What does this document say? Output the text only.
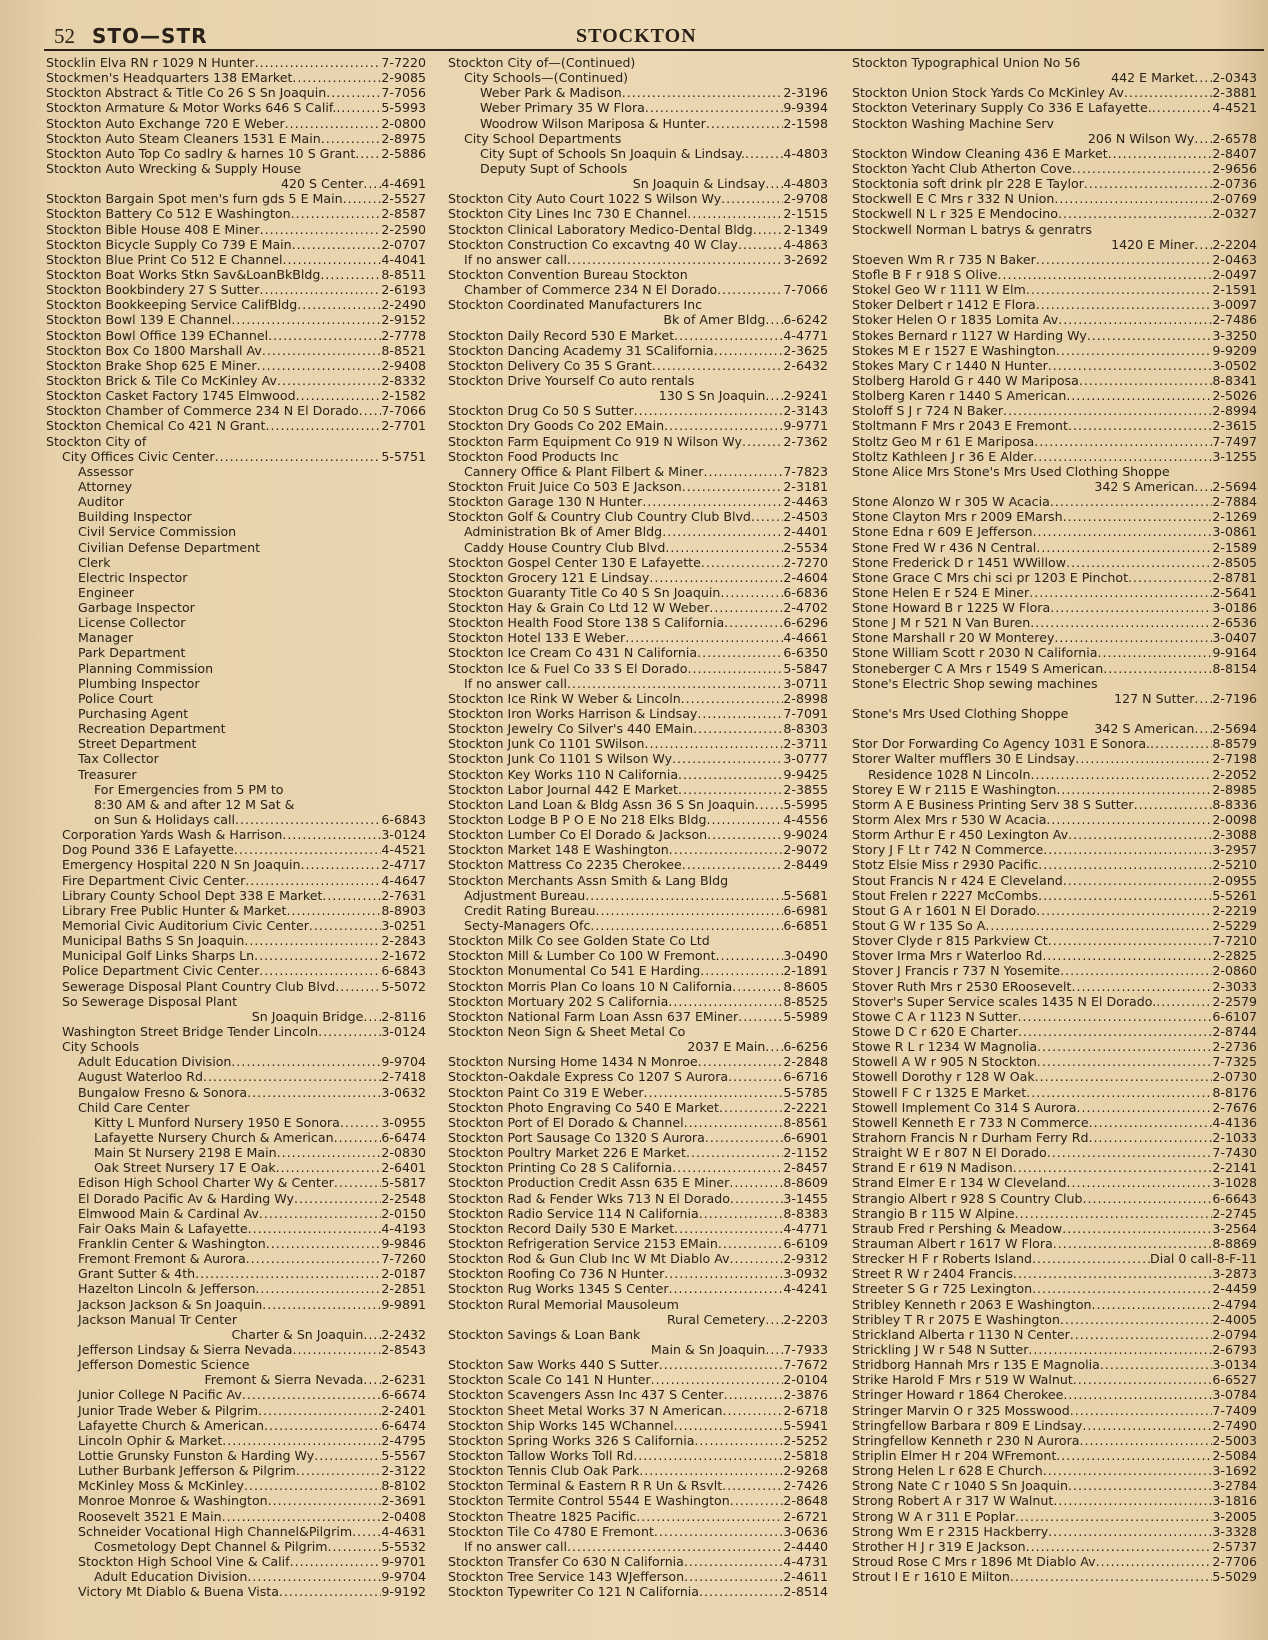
52 STO—STR	STOCKTON
Stocklin Elva RN r 1029 N Hunter . . .	7-7220
Stockmen's Headquarters 138 EMarket . . .	2-9085
Stockton Abstract & Title Co 26 S Sn Joaquin . . .	7-7056
Stockton Armature & Motor Works 646 S Calif. . . .	5-5993
Stockton Auto Exchange 720 E Weber . . .	2-0800
Stockton Auto Steam Cleaners 1531 E Main . . .	2-8975
Stockton Auto Top Co sadlry & harnes 10 S Grant . . . 2-5886
Stockton Auto Wrecking & Supply House
420 S Center . . . 4-4691
Stockton Bargain Spot men's furn gds 5 E Main . . .	2-5527
Stockton Battery Co 512 E Washington . . .	2-8587
Stockton Bible House 408 E Miner . . .	2-2590
Stockton Bicycle Supply Co 739 E Main . . .	2-0707
Stockton Blue Print Co 512 E Channel . . .	4-4041
Stockton Boat Works Stkn Sav&LoanBkBldg . . .	8-8511
Stockton Bookbindery 27 S Sutter . . .	2-6193
Stockton Bookkeeping Service CalifBldg . . .	2-2490
Stockton Bowl 139 E Channel . . .	2-9152
Stockton Bowl Office 139 EChannel . . .	2-7778
Stockton Box Co 1800 Marshall Av . . .	8-8521
Stockton Brake Shop 625 E Miner . . .	2-9408
Stockton Brick & Tile Co McKinley Av . . .	2-8332
Stockton Casket Factory 1745 Elmwood . . .	2-1582
Stockton Chamber of Commerce 234 N El Dorado . . . 7-7066
Stockton Chemical Co 421 N Grant . . .	2-7701
Stockton City of
City Offices Civic Center . . .	5-5751
Assessor
Attorney
Auditor
Building Inspector
Civil Service Commission
Civilian Defense Department
Clerk
Electric Inspector
Engineer
Garbage Inspector
License Collector
Manager
Park Department
Planning Commission
Plumbing Inspector
Police Court
Purchasing Agent
Recreation Department
Street Department
Tax Collector
Treasurer
For Emergencies from 5 PM to
8:30 AM & and after 12 M Sat &
on Sun & Holidays call . . .	6-6843
Corporation Yards Wash & Harrison . . .	3-0124
Dog Pound 336 E Lafayette . . .	4-4521
Emergency Hospital 220 N Sn Joaquin . . .	2-4717
Fire Department Civic Center . . .	4-4647
Library County School Dept 338 E Market . . .	2-7631
Library Free Public Hunter & Market . . .	8-8903
Memorial Civic Auditorium Civic Center . . .	3-0251
Municipal Baths S Sn Joaquin . . .	2-2843
Municipal Golf Links Sharps Ln . . .	2-1672
Police Department Civic Center . . .	6-6843
Sewerage Disposal Plant Country Club Blvd . . .	5-5072
So Sewerage Disposal Plant
Sn Joaquin Bridge . . . 2-8116
Washington Street Bridge Tender Lincoln . . .	3-0124
City Schools
Adult Education Division . . .	9-9704
August Waterloo Rd . . .	2-7418
Bungalow Fresno & Sonora . . .	3-0632
Child Care Center
Kitty L Munford Nursery 1950 E Sonora . . .	3-0955
Lafayette Nursery Church & American . . .	6-6474
Main St Nursery 2198 E Main . . .	2-0830
Oak Street Nursery 17 E Oak . . .	2-6401
Edison High School Charter Wy & Center . . .	5-5817
El Dorado Pacific Av & Harding Wy . . .	2-2548
Elmwood Main & Cardinal Av . . .	2-0150
Fair Oaks Main & Lafayette . . .	4-4193
Franklin Center & Washington . . .	9-9846
Fremont Fremont & Aurora . . .	7-7260
Grant Sutter & 4th . . .	2-0187
Hazelton Lincoln & Jefferson . . .	2-2851
Jackson Jackson & Sn Joaquin . . .	9-9891
Jackson Manual Tr Center
Charter & Sn Joaquin . . . 2-2432
Jefferson Lindsay & Sierra Nevada . . .	2-8543
Jefferson Domestic Science
Fremont & Sierra Nevada . . . 2-6231
Junior College N Pacific Av . . .	6-6674
Junior Trade Weber & Pilgrim . . .	2-2401
Lafayette Church & American . . .	6-6474
Lincoln Ophir & Market . . .	2-4795
Lottie Grunsky Funston & Harding Wy . . .	5-5567
Luther Burbank Jefferson & Pilgrim . . .	2-3122
McKinley Moss & McKinley . . .	8-8102
Monroe Monroe & Washington . . .	2-3691
Roosevelt 3521 E Main . . .	2-0408
Schneider Vocational High Channel&Pilgrim . . . 4-4631
Cosmetology Dept Channel & Pilgrim . . .	5-5532
Stockton High School Vine & Calif . . .	9-9701
Adult Education Division . . .	9-9704
Victory Mt Diablo & Buena Vista . . .	9-9192
Stockton City of—(Continued)
City Schools—(Continued)
Weber Park & Madison . . .	2-3196
Weber Primary 35 W Flora . . .	9-9394
Woodrow Wilson Mariposa & Hunter . . .	2-1598
City School Departments
City Supt of Schools Sn Joaquin & Lindsay. . . .	4-4803
Deputy Supt of Schools
Sn Joaquin & Lindsay . . . 4-4803
Stockton City Auto Court 1022 S Wilson Wy . . .	2-9708
Stockton City Lines Inc 730 E Channel . . .	2-1515
Stockton Clinical Laboratory Medico-Dental Bldg . . . 2-1349
Stockton Construction Co excavtng 40 W Clay . . .	4-4863
If no answer call . . .	3-2692
Stockton Convention Bureau Stockton
Chamber of Commerce 234 N El Dorado . . .	7-7066
Stockton Coordinated Manufacturers Inc
Bk of Amer Bldg . . . 6-6242
Stockton Daily Record 530 E Market . . .	4-4771
Stockton Dancing Academy 31 SCalifornia . . .	2-3625
Stockton Delivery Co 35 S Grant . . .	2-6432
Stockton Drive Yourself Co auto rentals
130 S Sn Joaquin . . . 2-9241
Stockton Drug Co 50 S Sutter . . .	2-3143
Stockton Dry Goods Co 202 EMain . . .	9-9771
Stockton Farm Equipment Co 919 N Wilson Wy . . .	2-7362
Stockton Food Products Inc
Cannery Office & Plant Filbert & Miner . . .	7-7823
Stockton Fruit Juice Co 503 E Jackson . . .	2-3181
Stockton Garage 130 N Hunter . . .	2-4463
Stockton Golf & Country Club Country Club Blvd . . .	2-4503
Administration Bk of Amer Bldg . . .	2-4401
Caddy House Country Club Blvd . . .	2-5534
Stockton Gospel Center 130 E Lafayette . . .	2-7270
Stockton Grocery 121 E Lindsay . . .	2-4604
Stockton Guaranty Title Co 40 S Sn Joaquin . . .	6-6836
Stockton Hay & Grain Co Ltd 12 W Weber . . .	2-4702
Stockton Health Food Store 138 S California . . .	6-6296
Stockton Hotel 133 E Weber . . .	4-4661
Stockton Ice Cream Co 431 N California . . .	6-6350
Stockton Ice & Fuel Co 33 S El Dorado . . .	5-5847
If no answer call . . .	3-0711
Stockton Ice Rink W Weber & Lincoln . . .	2-8998
Stockton Iron Works Harrison & Lindsay . . .	7-7091
Stockton Jewelry Co Silver's 440 EMain . . .	8-8303
Stockton Junk Co 1101 SWilson . . .	2-3711
Stockton Junk Co 1101 S Wilson Wy . . .	3-0777
Stockton Key Works 110 N California . . .	9-9425
Stockton Labor Journal 442 E Market . . .	2-3855
Stockton Land Loan & Bldg Assn 36 S Sn Joaquin . . . 5-5995
Stockton Lodge B P O E No 218 Elks Bldg . . .	4-4556
Stockton Lumber Co El Dorado & Jackson . . .	9-9024
Stockton Market 148 E Washington . . .	2-9072
Stockton Mattress Co 2235 Cherokee . . .	2-8449
Stockton Merchants Assn Smith & Lang Bldg
Adjustment Bureau . . .	5-5681
Credit Rating Bureau . . .	6-6981
Secty-Managers Ofc . . .	6-6851
Stockton Milk Co see Golden State Co Ltd
Stockton Mill & Lumber Co 100 W Fremont . . .	3-0490
Stockton Monumental Co 541 E Harding . . .	2-1891
Stockton Morris Plan Co loans 10 N California . . .	8-8605
Stockton Mortuary 202 S California . . .	8-8525
Stockton National Farm Loan Assn 637 EMiner . . .	5-5989
Stockton Neon Sign & Sheet Metal Co
2037 E Main . . . 6-6256
Stockton Nursing Home 1434 N Monroe . . .	2-2848
Stockton-Oakdale Express Co 1207 S Aurora . . .	6-6716
Stockton Paint Co 319 E Weber . . .	5-5785
Stockton Photo Engraving Co 540 E Market . . .	2-2221
Stockton Port of El Dorado & Channel . . .	8-8561
Stockton Port Sausage Co 1320 S Aurora . . .	6-6901
Stockton Poultry Market 226 E Market . . .	2-1152
Stockton Printing Co 28 S California . . .	2-8457
Stockton Production Credit Assn 635 E Miner . . .	8-8609
Stockton Rad & Fender Wks 713 N El Dorado . . .	3-1455
Stockton Radio Service 114 N California . . .	8-8383
Stockton Record Daily 530 E Market . . .	4-4771
Stockton Refrigeration Service 2153 EMain . . .	6-6109
Stockton Rod & Gun Club Inc W Mt Diablo Av . . .	2-9312
Stockton Roofing Co 736 N Hunter . . .	3-0932
Stockton Rug Works 1345 S Center . . .	4-4241
Stockton Rural Memorial Mausoleum
Rural Cemetery . . . 2-2203
Stockton Savings & Loan Bank
Main & Sn Joaquin . . . 7-7933
Stockton Saw Works 440 S Sutter . . .	7-7672
Stockton Scale Co 141 N Hunter . . .	2-0104
Stockton Scavengers Assn Inc 437 S Center . . .	2-3876
Stockton Sheet Metal Works 37 N American . . .	2-6718
Stockton Ship Works 145 WChannel . . .	5-5941
Stockton Spring Works 326 S California . . .	2-5252
Stockton Tallow Works Toll Rd . . .	2-5818
Stockton Tennis Club Oak Park . . .	2-9268
Stockton Terminal & Eastern R R Un & Rsvlt . . .	2-7426
Stockton Termite Control 5544 E Washington . . .	2-8648
Stockton Theatre 1825 Pacific . . .	2-6721
Stockton Tile Co 4780 E Fremont . . .	3-0636
If no answer call . . .	2-4440
Stockton Transfer Co 630 N California . . .	4-4731
Stockton Tree Service 143 WJefferson . . .	2-4611
Stockton Typewriter Co 121 N California . . .	2-8514
Stockton Typographical Union No 56
442 E Market . . . 2-0343
Stockton Union Stock Yards Co McKinley Av . . .	2-3881
Stockton Veterinary Supply Co 336 E Lafayette. . . .	4-4521
Stockton Washing Machine Serv
206 N Wilson Wy . . . 2-6578
Stockton Window Cleaning 436 E Market . . .	2-8407
Stockton Yacht Club Atherton Cove . . .	2-9656
Stocktonia soft drink plr 228 E Taylor . . .	2-0736
Stockwell E C Mrs r 332 N Union . . .	2-0769
Stockwell N L r 325 E Mendocino . . .	2-0327
Stockwell Norman L batrys & genratrs
1420 E Miner . . . 2-2204
Stoeven Wm R r 735 N Baker . . .	2-0463
Stofle B F r 918 S Olive . . .	2-0497
Stokel Geo W r 1111 W Elm . . .	2-1591
Stoker Delbert r 1412 E Flora . . .	3-0097
Stoker Helen O r 1835 Lomita Av . . .	2-7486
Stokes Bernard r 1127 W Harding Wy . . .	3-3250
Stokes M E r 1527 E Washington . . .	9-9209
Stokes Mary C r 1440 N Hunter . . .	3-0502
Stolberg Harold G r 440 W Mariposa . . .	8-8341
Stolberg Karen r 1440 S American . . .	2-5026
Stoloff S J r 724 N Baker . . .	2-8994
Stoltmann F Mrs r 2043 E Fremont . . .	2-3615
Stoltz Geo M r 61 E Mariposa . . .	7-7497
Stoltz Kathleen J r 36 E Alder . . .	3-1255
Stone Alice Mrs Stone's Mrs Used Clothing Shoppe
342 S American . . . 2-5694
Stone Alonzo W r 305 W Acacia . . .	2-7884
Stone Clayton Mrs r 2009 EMarsh . . .	2-1269
Stone Edna r 609 E Jefferson . . .	3-0861
Stone Fred W r 436 N Central . . .	2-1589
Stone Frederick D r 1451 WWillow . . .	2-8505
Stone Grace C Mrs chi sci pr 1203 E Pinchot . . .	2-8781
Stone Helen E r 524 E Miner . . .	2-5641
Stone Howard B r 1225 W Flora . . .	3-0186
Stone J M r 521 N Van Buren . . .	2-6536
Stone Marshall r 20 W Monterey . . .	3-0407
Stone William Scott r 2030 N California . . .	9-9164
Stoneberger C A Mrs r 1549 S American . . .	8-8154
Stone's Electric Shop sewing machines
127 N Sutter . . . 2-7196
Stone's Mrs Used Clothing Shoppe
342 S American . . . 2-5694
Stor Dor Forwarding Co Agency 1031 E Sonora. . . .	8-8579
Storer Walter mufflers 30 E Lindsay . . .	2-7198
Residence 1028 N Lincoln . . .	2-2052
Storey E W r 2115 E Washington . . .	2-8985
Storm A E Business Printing Serv 38 S Sutter . . .	8-8336
Storm Alex Mrs r 530 W Acacia . . .	2-0098
Storm Arthur E r 450 Lexington Av . . .	2-3088
Story J F Lt r 742 N Commerce . . .	3-2957
Stotz Elsie Miss r 2930 Pacific . . .	2-5210
Stout Francis N r 424 E Cleveland . . .	2-0955
Stout Frelen r 2227 McCombs . . .	5-5261
Stout G A r 1601 N El Dorado . . .	2-2219
Stout G W r 135 So A . . .	2-5229
Stover Clyde r 815 Parkview Ct . . .	7-7210
Stover Irma Mrs r Waterloo Rd . . .	2-2825
Stover J Francis r 737 N Yosemite . . .	2-0860
Stover Ruth Mrs r 2530 ERoosevelt . . .	2-3033
Stover's Super Service scales 1435 N El Dorado. . . .	2-2579
Stowe C A r 1123 N Sutter . . .	6-6107
Stowe D C r 620 E Charter . . .	2-8744
Stowe R L r 1234 W Magnolia . . .	2-2736
Stowell A W r 905 N Stockton . . .	7-7325
Stowell Dorothy r 128 W Oak . . .	2-0730
Stowell F C r 1325 E Market . . .	8-8176
Stowell Implement Co 314 S Aurora . . .	2-7676
Stowell Kenneth E r 733 N Commerce . . .	4-4136
Strahorn Francis N r Durham Ferry Rd . . .	2-1033
Straight W E r 807 N El Dorado . . .	7-7430
Strand E r 619 N Madison . . .	2-2141
Strand Elmer E r 134 W Cleveland . . .	3-1028
Strangio Albert r 928 S Country Club . . .	6-6643
Strangio B r 115 W Alpine . . .	2-2745
Straub Fred r Pershing & Meadow . . .	3-2564
Strauman Albert r 1617 W Flora . . .	8-8869
Strecker H F r Roberts Island . . .	Dial 0 call-8-F-11
Street R W r 2404 Francis . . .	3-2873
Streeter S G r 725 Lexington . . .	2-4459
Stribley Kenneth r 2063 E Washington . . .	2-4794
Stribley T R r 2075 E Washington . . .	2-4005
Strickland Alberta r 1130 N Center . . .	2-0794
Strickling J W r 548 N Sutter . . .	2-6793
Stridborg Hannah Mrs r 135 E Magnolia . . .	3-0134
Strike Harold F Mrs r 519 W Walnut . . .	6-6527
Stringer Howard r 1864 Cherokee . . .	3-0784
Stringer Marvin O r 325 Mosswood . . .	7-7409
Stringfellow Barbara r 809 E Lindsay . . .	2-7490
Stringfellow Kenneth r 230 N Aurora . . .	2-5003
Striplin Elmer H r 204 WFremont . . .	2-5084
Strong Helen L r 628 E Church . . .	3-1692
Strong Nate C r 1040 S Sn Joaquin . . .	3-2784
Strong Robert A r 317 W Walnut . . .	3-1816
Strong W A r 311 E Poplar . . .	3-2005
Strong Wm E r 2315 Hackberry . . .	3-3328
Strother H J r 319 E Jackson . . .	2-5737
Stroud Rose C Mrs r 1896 Mt Diablo Av . . .	2-7706
Strout I E r 1610 E Milton . . .	5-5029
